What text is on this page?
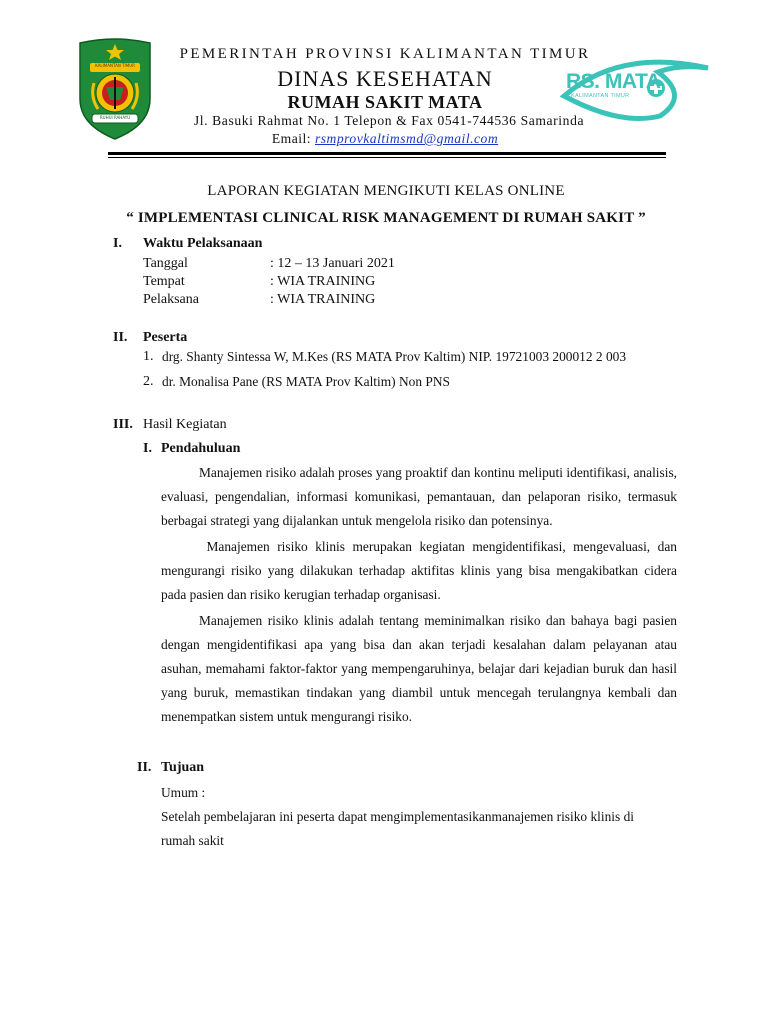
KALIMANTAN TIMUR
RUHUI RAHAYU
RS. MATA
KALIMANTAN TIMUR
PEMERINTAH PROVINSI KALIMANTAN TIMUR
DINAS KESEHATAN
RUMAH SAKIT MATA
Jl. Basuki Rahmat No. 1 Telepon & Fax 0541-744536 Samarinda
Email: rsmprovkaltimsmd@gmail.com
LAPORAN KEGIATAN MENGIKUTI KELAS ONLINE
“ IMPLEMENTASI CLINICAL RISK MANAGEMENT DI RUMAH SAKIT ”
I. Waktu Pelaksanaan
Tanggal	: 12 – 13 Januari 2021
Tempat	: WIA TRAINING
Pelaksana	: WIA TRAINING
II. Peserta
1. drg. Shanty Sintessa W, M.Kes (RS MATA Prov Kaltim) NIP. 19721003 200012 2 003
2. dr. Monalisa Pane (RS MATA Prov Kaltim) Non PNS
III. Hasil Kegiatan
I. Pendahuluan
Manajemen risiko adalah proses yang proaktif dan kontinu meliputi identifikasi, analisis, evaluasi, pengendalian, informasi komunikasi, pemantauan, dan pelaporan risiko, termasuk berbagai strategi yang dijalankan untuk mengelola risiko dan potensinya.
Manajemen risiko klinis merupakan kegiatan mengidentifikasi, mengevaluasi, dan mengurangi risiko yang dilakukan terhadap aktifitas klinis yang bisa mengakibatkan cidera pada pasien dan risiko kerugian terhadap organisasi.
Manajemen risiko klinis adalah tentang meminimalkan risiko dan bahaya bagi pasien dengan mengidentifikasi apa yang bisa dan akan terjadi kesalahan dalam pelayanan atau asuhan, memahami faktor-faktor yang mempengaruhinya, belajar dari kejadian buruk dan hasil yang buruk, memastikan tindakan yang diambil untuk mencegah terulangnya kembali dan menempatkan sistem untuk mengurangi risiko.
II. Tujuan
Umum :
Setelah pembelajaran ini peserta dapat mengimplementasikanmanajemen risiko klinis di rumah sakit
